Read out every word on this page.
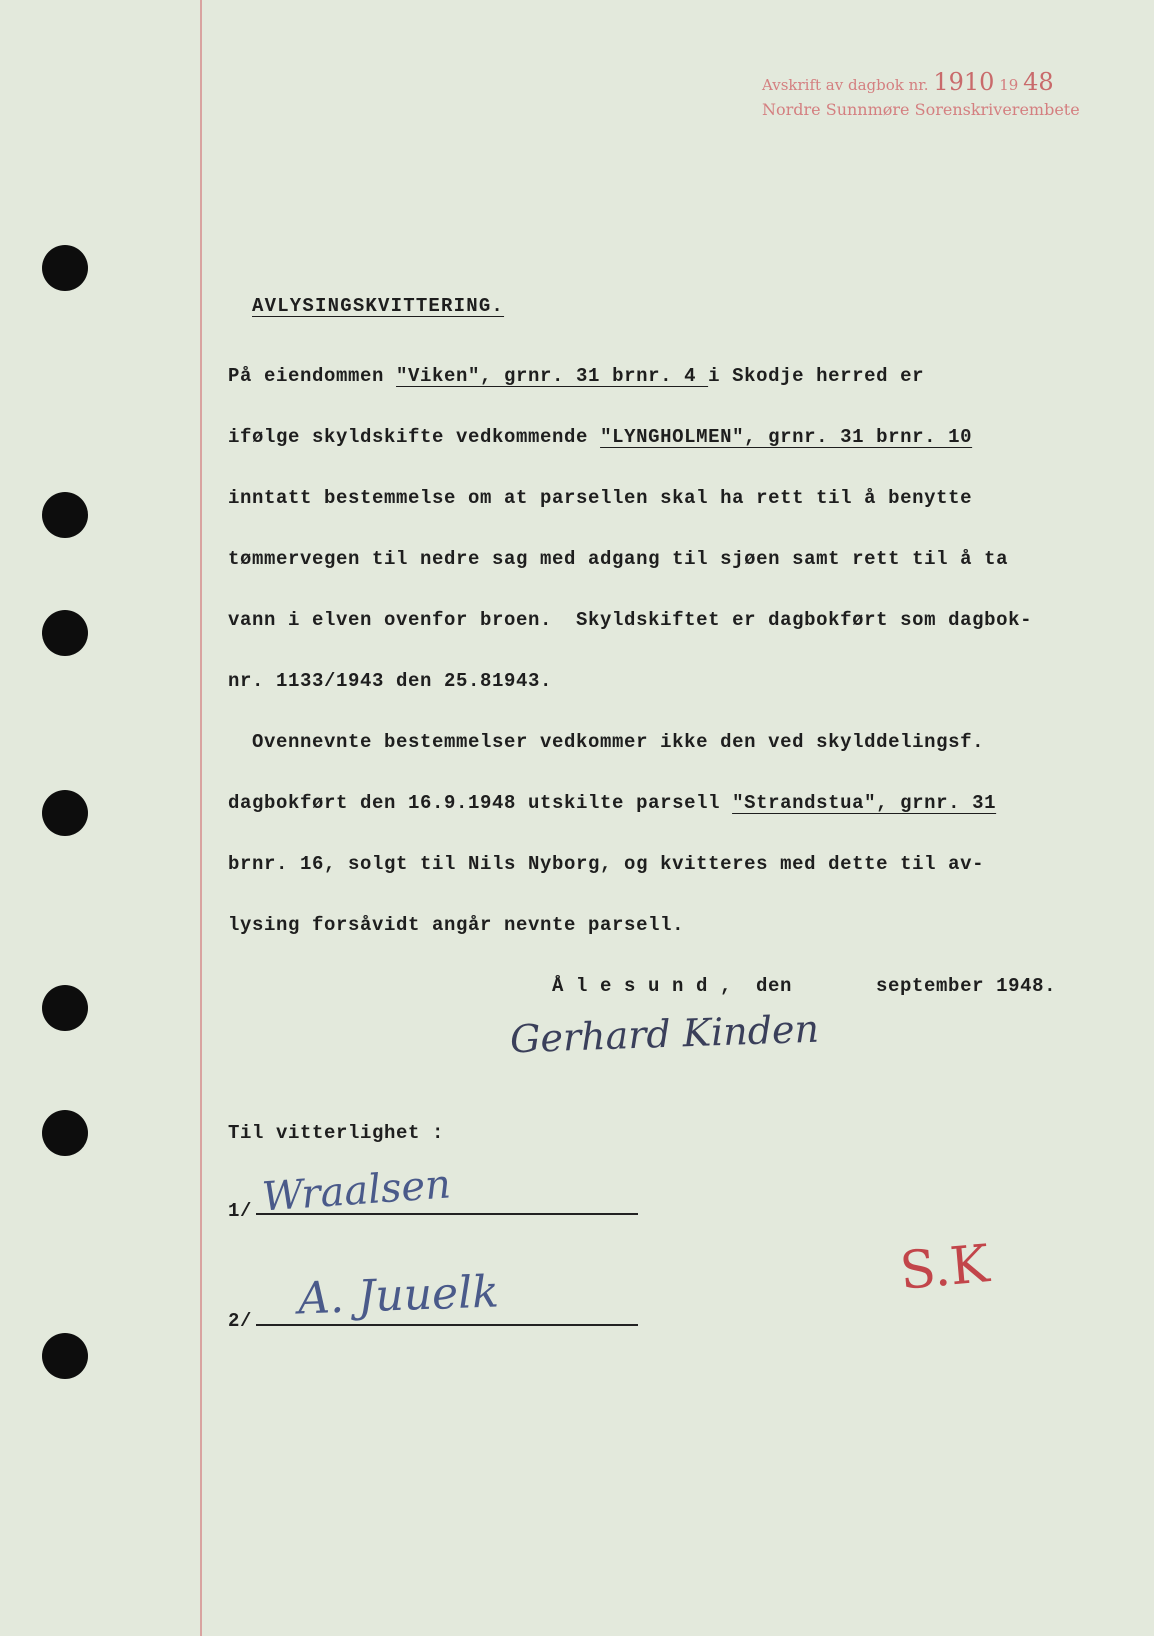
Avskrift av dagbok nr. 1910 19 48
Nordre Sunnmøre Sorenskriverembete
AVLYSINGSKVITTERING.
På eiendommen "Viken", grnr. 31 brnr. 4 i Skodje herred er
ifølge skyldskifte vedkommende "LYNGHOLMEN", grnr. 31 brnr. 10
inntatt bestemmelse om at parsellen skal ha rett til å benytte
tømmervegen til nedre sag med adgang til sjøen samt rett til å ta
vann i elven ovenfor broen.  Skyldskiftet er dagbokført som dagbok-
nr. 1133/1943 den 25.81943.
Ovennevnte bestemmelser vedkommer ikke den ved skylddelingsf.
dagbokført den 16.9.1948 utskilte parsell "Strandstua", grnr. 31
brnr. 16, solgt til Nils Nyborg, og kvitteres med dette til av-
lysing forsåvidt angår nevnte parsell.
Å l e s u n d ,  den       september 1948.
Gerhard Kinden
Til vitterlighet :
1/ Wraalsen
2/ A. Juuelk	S.K
